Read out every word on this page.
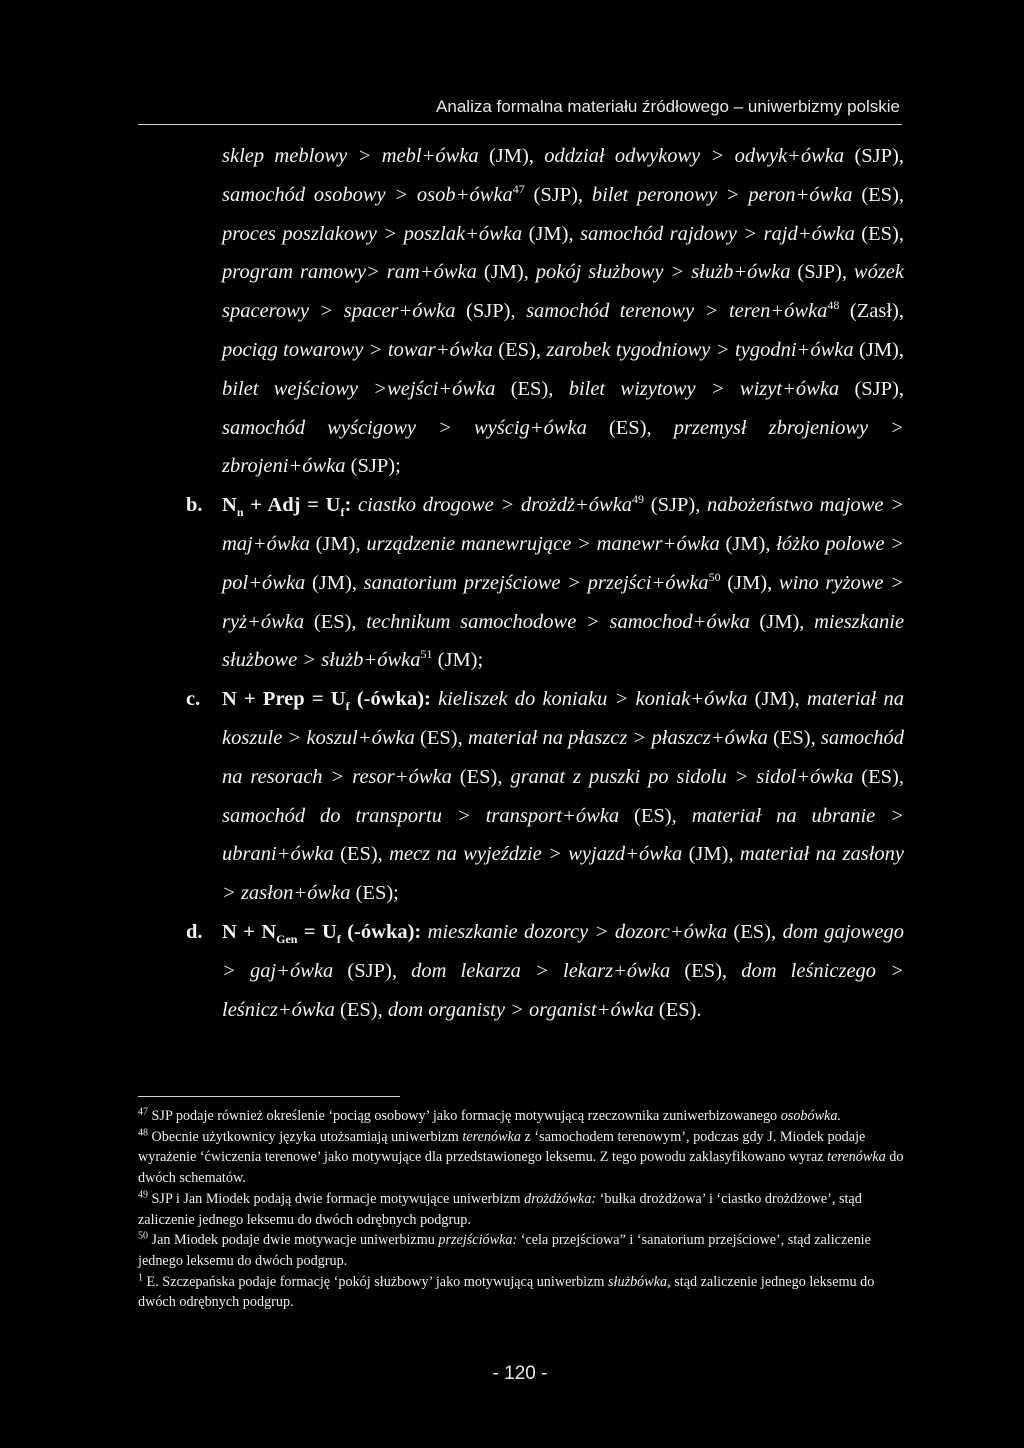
Analiza formalna materiału źródłowego – uniwerbizmy polskie
sklep meblowy > mebl+ówka (JM), oddział odwykowy > odwyk+ówka (SJP), samochód osobowy > osob+ówka$^{47}$ (SJP), bilet peronowy > peron+ówka (ES), proces poszlakowy > poszlak+ówka (JM), samochód rajdowy > rajd+ówka (ES), program ramowy> ram+ówka (JM), pokój służbowy > służb+ówka (SJP), wózek spacerowy > spacer+ówka (SJP), samochód terenowy > teren+ówka$^{48}$ (Zasł), pociąg towarowy > towar+ówka (ES), zarobek tygodniowy > tygodni+ówka (JM), bilet wejściowy >wejści+ówka (ES), bilet wizytowy > wizyt+ówka (SJP), samochód wyścigowy > wyścig+ówka (ES), przemysł zbrojeniowy > zbrojeni+ówka (SJP);
b. $N_n$ + Adj = $U_f$: ciastko drogowe > drożdż+ówka$^{49}$ (SJP), nabożeństwo majowe > maj+ówka (JM), urządzenie manewrujące > manewr+ówka (JM), łóżko polowe > pol+ówka (JM), sanatorium przejściowe > przejści+ówka$^{50}$ (JM), wino ryżowe > ryż+ówka (ES), technikum samochodowe > samochod+ówka (JM), mieszkanie służbowe > służb+ówka$^{51}$ (JM);
c. N + Prep = $U_f$ (-ówka): kieliszek do koniaku > koniak+ówka (JM), materiał na koszule > koszul+ówka (ES), materiał na płaszcz > płaszcz+ówka (ES), samochód na resorach > resor+ówka (ES), granat z puszki po sidolu > sidol+ówka (ES), samochód do transportu > transport+ówka (ES), materiał na ubranie > ubrani+ówka (ES), mecz na wyjeździe > wyjazd+ówka (JM), materiał na zasłony > zasłon+ówka (ES);
d. $N + N_{Gen} = U_f$ (-ówka): mieszkanie dozorcy > dozorc+ówka (ES), dom gajowego > gaj+ówka (SJP), dom lekarza > lekarz+ówka (ES), dom leśniczego > leśnicz+ówka (ES), dom organisty > organist+ówka (ES).

$^{47}$ SJP podaje również określenie ‘pociąg osobowy’ jako formację motywującą rzeczownika zuniwerbizowanego osobówka.

$^{48}$ Obecnie użytkownicy języka utożsamiają uniwerbizm terenówka z ‘samochodem terenowym’, podczas gdy J. Miodek podaje wyrażenie ‘ćwiczenia terenowe’ jako motywujące dla przedstawionego leksemu. Z tego powodu zaklasyfikowano wyraz terenówka do dwóch schematów.

$^{49}$ SJP i Jan Miodek podają dwie formacje motywujące uniwerbizm drożdżówka: ‘bułka drożdżowa’ i ‘ciastko drożdżowe’, stąd zaliczenie jednego leksemu do dwóch odrębnych podgrup.

$^{50}$ Jan Miodek podaje dwie motywacje uniwerbizmu przejściówka: ‘cela przejściowa” i ‘sanatorium przejściowe’, stąd zaliczenie jednego leksemu do dwóch podgrup.

$^1$ E. Szczepańska podaje formację ‘pokój służbowy’ jako motywującą uniwerbizm służbówka, stąd zaliczenie jednego leksemu do dwóch odrębnych podgrup.

- 120 -
